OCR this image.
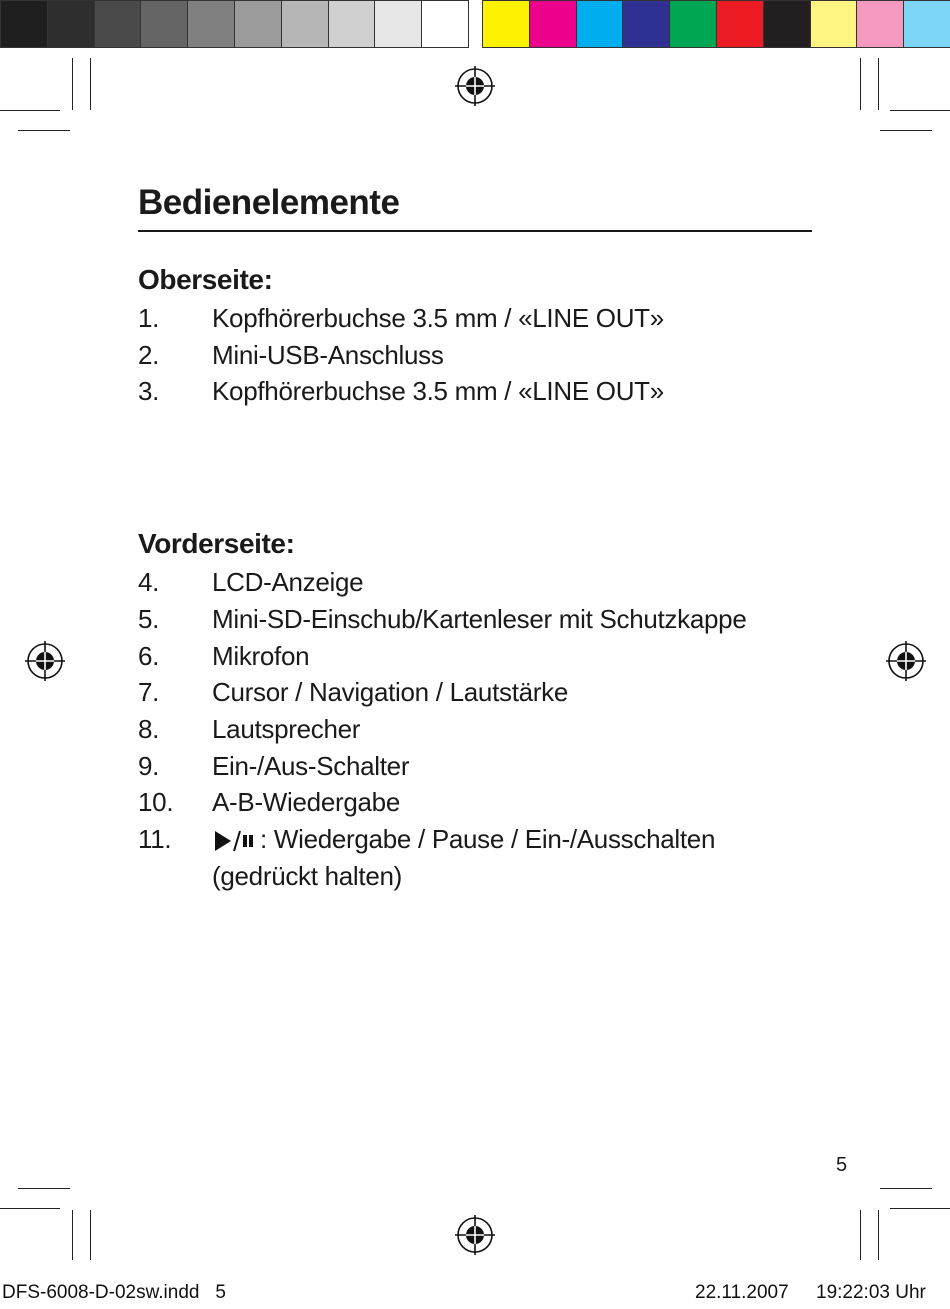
Bedienelemente
Oberseite:
1.	Kopfhörerbuchse 3.5 mm / «LINE OUT»
2.	Mini-USB-Anschluss
3.	Kopfhörerbuchse 3.5 mm / «LINE OUT»
Vorderseite:
4.	LCD-Anzeige
5.	Mini-SD-Einschub/Kartenleser mit Schutzkappe
6.	Mikrofon
7.	Cursor / Navigation / Lautstärke
8.	Lautsprecher
9.	Ein-/Aus-Schalter
10.	A-B-Wiedergabe
11.	: Wiedergabe / Pause / Ein-/Ausschalten
(gedrückt halten)
5
DFS-6008-D-02sw.indd   5	22.11.2007 19:22:03 Uhr
